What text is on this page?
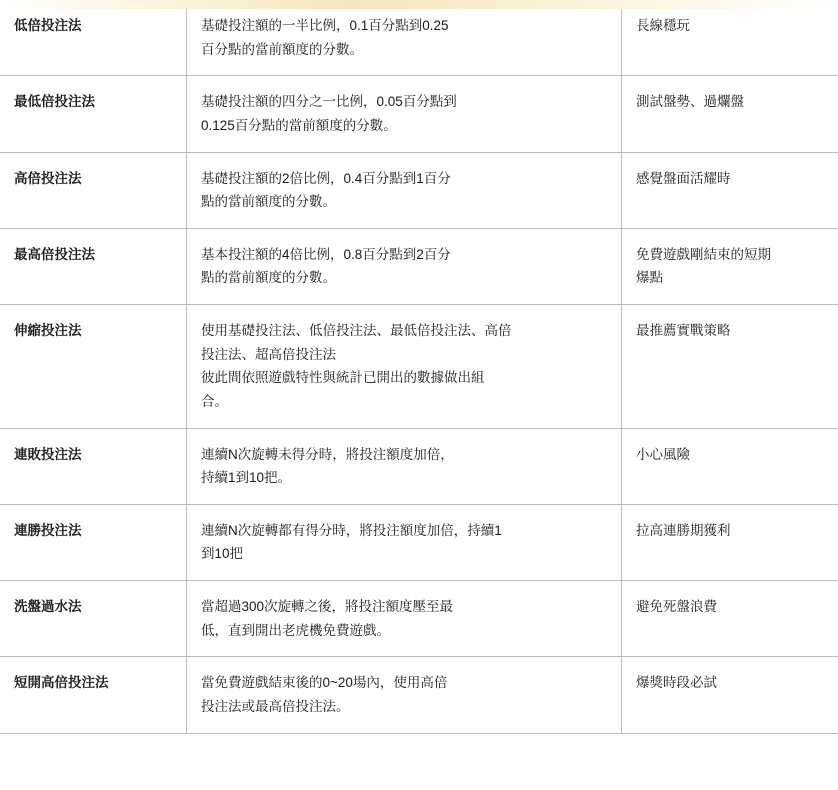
低倍投注法	基礎投注額的一半比例，0.1百分點到0.25
百分點的當前額度的分數。	長線穩玩

最低倍投注法	基礎投注額的四分之一比例，0.05百分點到
0.125百分點的當前額度的分數。	測試盤勢、過爛盤

高倍投注法	基礎投注額的2倍比例，0.4百分點到1百分
點的當前額度的分數。	感覺盤面活耀時

最高倍投注法	基本投注額的4倍比例，0.8百分點到2百分
點的當前額度的分數。	免費遊戲剛結束的短期
爆點

伸縮投注法	使用基礎投注法、低倍投注法、最低倍投注法、高倍
投注法、超高倍投注法
彼此間依照遊戲特性與統計已開出的數據做出組
合。	最推薦實戰策略

連敗投注法	連續N次旋轉未得分時，將投注額度加倍，
持續1到10把。	小心風險

連勝投注法	連續N次旋轉都有得分時，將投注額度加倍，持續1
到10把	拉高連勝期獲利

洗盤過水法	當超過300次旋轉之後，將投注額度壓至最
低，直到開出老虎機免費遊戲。	避免死盤浪費

短開高倍投注法	當免費遊戲結束後的0~20場內，使用高倍
投注法或最高倍投注法。	爆獎時段必試
